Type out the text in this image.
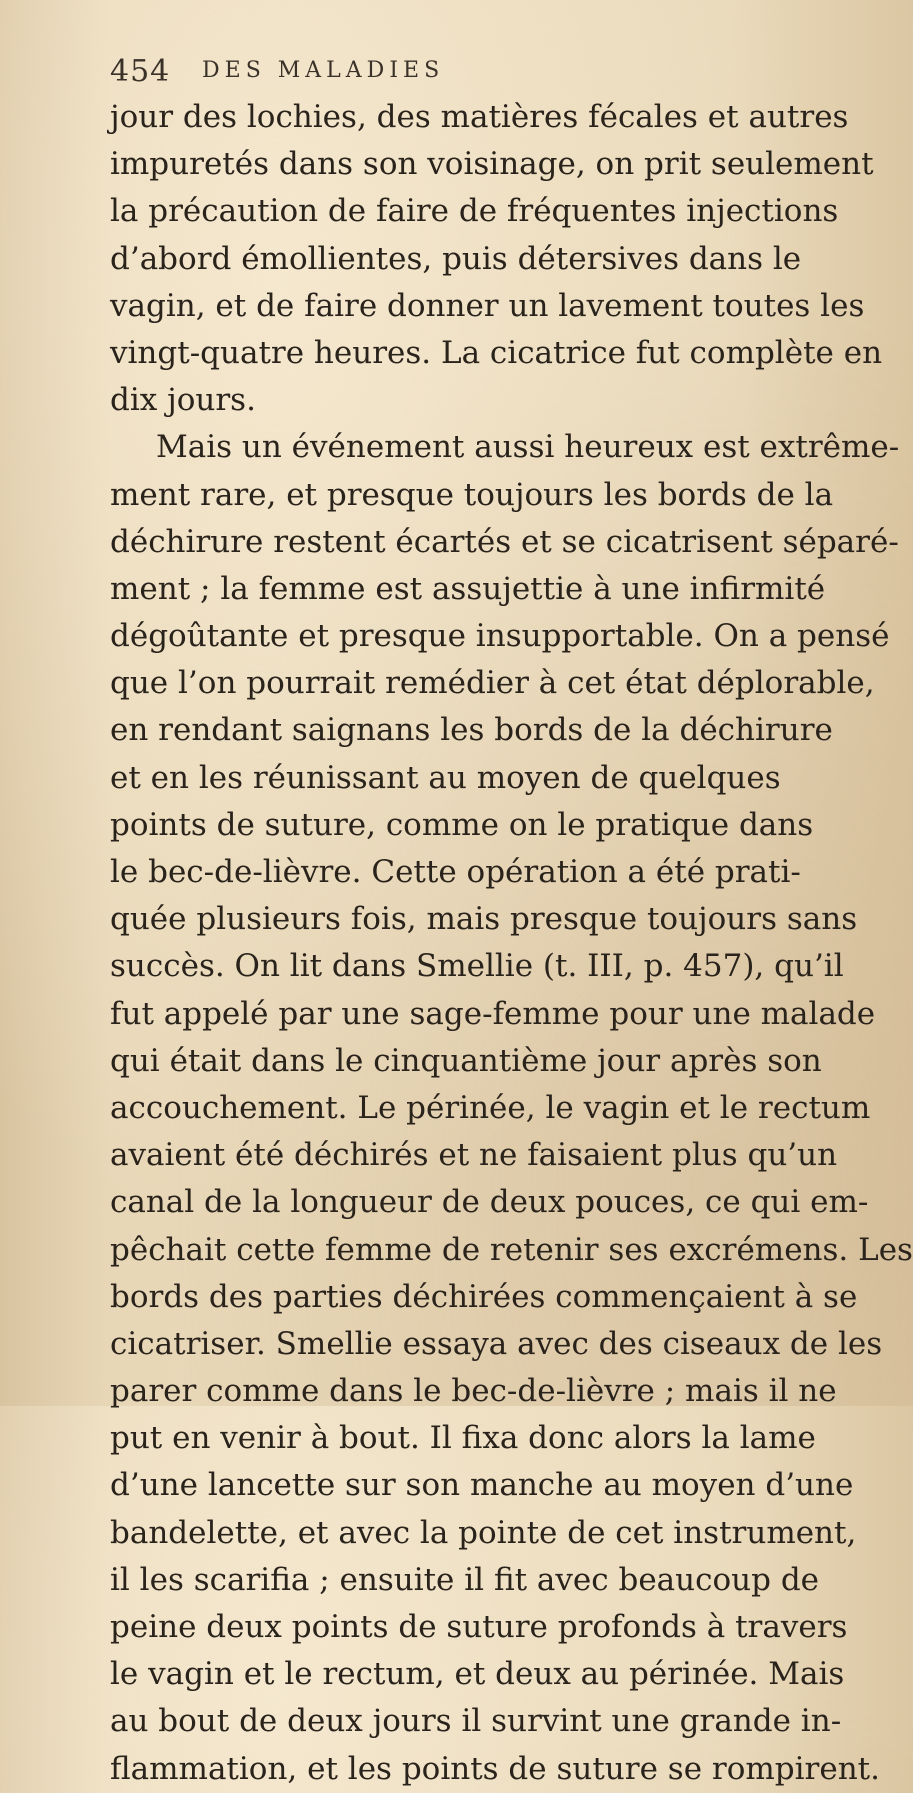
454 DES MALADIES
jour des lochies, des matières fécales et autres
impuretés dans son voisinage, on prit seulement
la précaution de faire de fréquentes injections
d’abord émollientes, puis détersives dans le
vagin, et de faire donner un lavement toutes les
vingt-quatre heures. La cicatrice fut complète en
dix jours.
Mais un événement aussi heureux est extrême-
ment rare, et presque toujours les bords de la
déchirure restent écartés et se cicatrisent séparé-
ment ; la femme est assujettie à une infirmité
dégoûtante et presque insupportable. On a pensé
que l’on pourrait remédier à cet état déplorable,
en rendant saignans les bords de la déchirure
et en les réunissant au moyen de quelques
points de suture, comme on le pratique dans
le bec-de-lièvre. Cette opération a été prati-
quée plusieurs fois, mais presque toujours sans
succès. On lit dans Smellie (t. III, p. 457), qu’il
fut appelé par une sage-femme pour une malade
qui était dans le cinquantième jour après son
accouchement. Le périnée, le vagin et le rectum
avaient été déchirés et ne faisaient plus qu’un
canal de la longueur de deux pouces, ce qui em-
pêchait cette femme de retenir ses excrémens. Les
bords des parties déchirées commençaient à se
cicatriser. Smellie essaya avec des ciseaux de les
parer comme dans le bec-de-lièvre ; mais il ne
put en venir à bout. Il fixa donc alors la lame
d’une lancette sur son manche au moyen d’une
bandelette, et avec la pointe de cet instrument,
il les scarifia ; ensuite il fit avec beaucoup de
peine deux points de suture profonds à travers
le vagin et le rectum, et deux au périnée. Mais
au bout de deux jours il survint une grande in-
flammation, et les points de suture se rompirent.
